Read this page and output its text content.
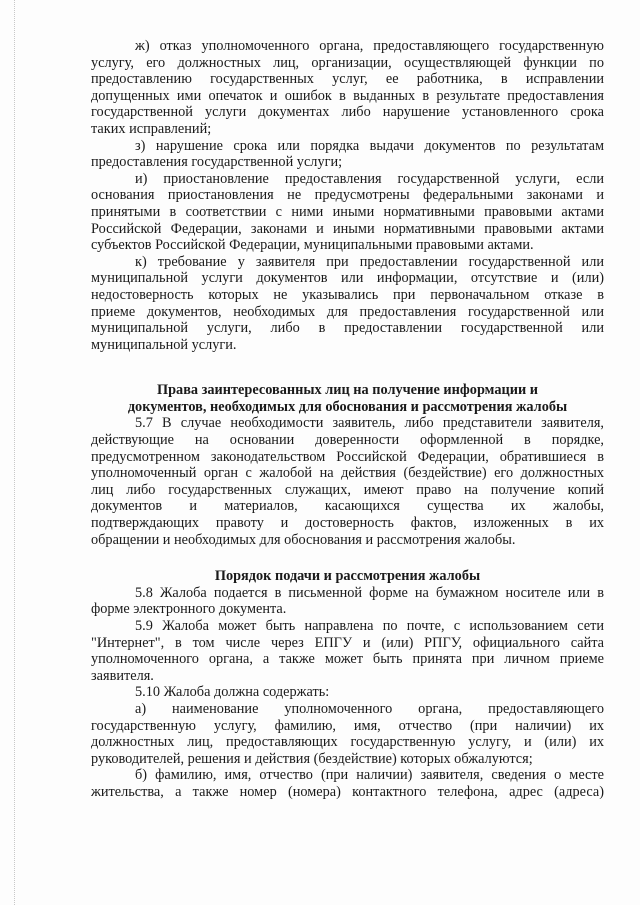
ж) отказ уполномоченного органа, предоставляющего государственную
услугу, его должностных лиц, организации, осуществляющей функции по
предоставлению государственных услуг, ее работника, в исправлении
допущенных ими опечаток и ошибок в выданных в результате предоставления
государственной услуги документах либо нарушение установленного срока
таких исправлений;
з) нарушение срока или порядка выдачи документов по результатам
предоставления государственной услуги;
и) приостановление предоставления государственной услуги, если
основания приостановления не предусмотрены федеральными законами и
принятыми в соответствии с ними иными нормативными правовыми актами
Российской Федерации, законами и иными нормативными правовыми актами
субъектов Российской Федерации, муниципальными правовыми актами.
к) требование у заявителя при предоставлении государственной или
муниципальной услуги документов или информации, отсутствие и (или)
недостоверность которых не указывались при первоначальном отказе в
приеме документов, необходимых для предоставления государственной или
муниципальной услуги, либо в предоставлении государственной или
муниципальной услуги.
Права заинтересованных лиц на получение информации и
документов, необходимых для обоснования и рассмотрения жалобы
5.7 В случае необходимости заявитель, либо представители заявителя,
действующие на основании доверенности оформленной в порядке,
предусмотренном законодательством Российской Федерации, обратившиеся в
уполномоченный орган с жалобой на действия (бездействие) его должностных
лиц либо государственных служащих, имеют право на получение копий
документов и материалов, касающихся существа их жалобы,
подтверждающих правоту и достоверность фактов, изложенных в их
обращении и необходимых для обоснования и рассмотрения жалобы.
Порядок подачи и рассмотрения жалобы
5.8 Жалоба подается в письменной форме на бумажном носителе или в
форме электронного документа.
5.9 Жалоба может быть направлена по почте, с использованием сети
"Интернет", в том числе через ЕПГУ и (или) РПГУ, официального сайта
уполномоченного органа, а также может быть принята при личном приеме
заявителя.
5.10 Жалоба должна содержать:
а) наименование уполномоченного органа, предоставляющего
государственную услугу, фамилию, имя, отчество (при наличии) их
должностных лиц, предоставляющих государственную услугу, и (или) их
руководителей, решения и действия (бездействие) которых обжалуются;
б) фамилию, имя, отчество (при наличии) заявителя, сведения о месте
жительства, а также номер (номера) контактного телефона, адрес (адреса)
